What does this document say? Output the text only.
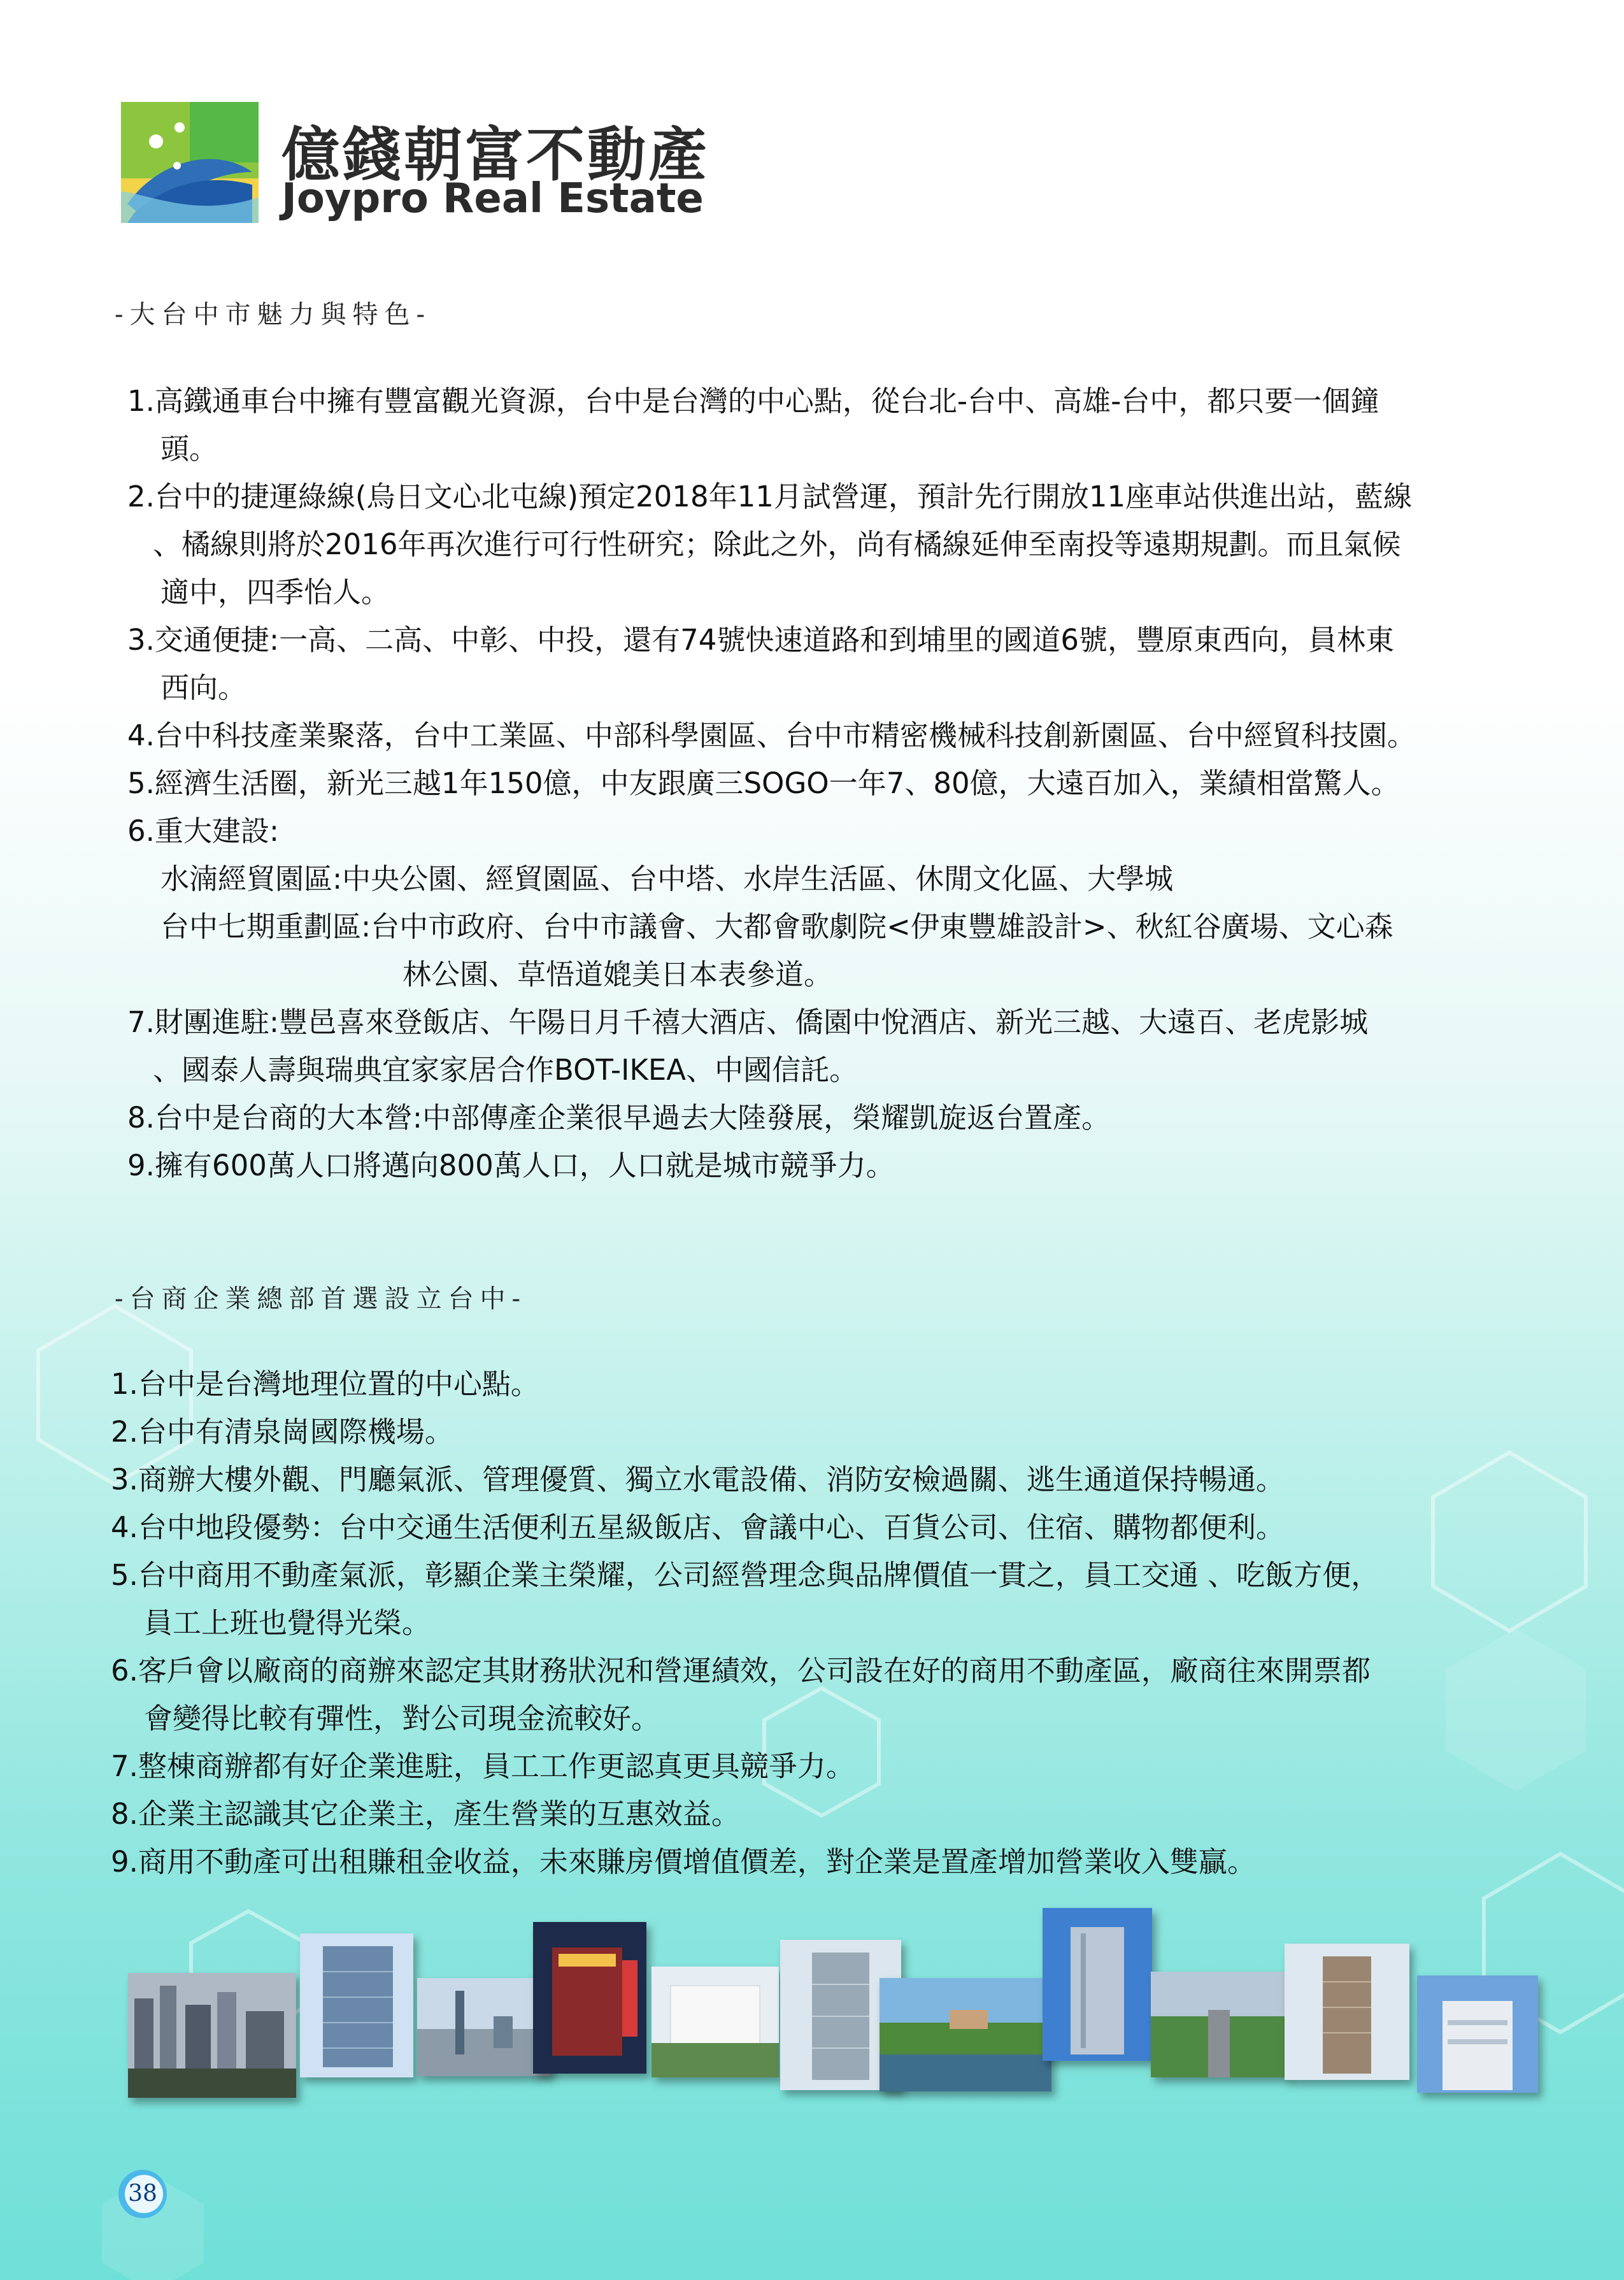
億錢朝富不動產
Joypro Real Estate
-大台中市魅力與特色-
1.高鐵通車台中擁有豐富觀光資源，台中是台灣的中心點，從台北-台中、高雄-台中，都只要一個鐘
頭。
2.台中的捷運綠線(烏日文心北屯線)預定2018年11月試營運，預計先行開放11座車站供進出站，藍線
、橘線則將於2016年再次進行可行性研究；除此之外，尚有橘線延伸至南投等遠期規劃。而且氣候
適中，四季怡人。
3.交通便捷:一高、二高、中彰、中投，還有74號快速道路和到埔里的國道6號，豐原東西向，員林東
西向。
4.台中科技產業聚落，台中工業區、中部科學園區、台中市精密機械科技創新園區、台中經貿科技園。
5.經濟生活圈，新光三越1年150億，中友跟廣三SOGO一年7、80億，大遠百加入，業績相當驚人。
6.重大建設:
水湳經貿園區:中央公園、經貿園區、台中塔、水岸生活區、休閒文化區、大學城
台中七期重劃區:台中市政府、台中市議會、大都會歌劇院<伊東豐雄設計>、秋紅谷廣場、文心森
林公園、草悟道媲美日本表參道。
7.財團進駐:豐邑喜來登飯店、午陽日月千禧大酒店、僑園中悅酒店、新光三越、大遠百、老虎影城
、國泰人壽與瑞典宜家家居合作BOT-IKEA、中國信託。
8.台中是台商的大本營:中部傳產企業很早過去大陸發展，榮耀凱旋返台置產。
9.擁有600萬人口將邁向800萬人口，人口就是城市競爭力。
-台商企業總部首選設立台中-
1.台中是台灣地理位置的中心點。
2.台中有清泉崗國際機場。
3.商辦大樓外觀、門廳氣派、管理優質、獨立水電設備、消防安檢過關、逃生通道保持暢通。
4.台中地段優勢：台中交通生活便利五星級飯店、會議中心、百貨公司、住宿、購物都便利。
5.台中商用不動產氣派，彰顯企業主榮耀，公司經營理念與品牌價值一貫之，員工交通 、吃飯方便，
員工上班也覺得光榮。
6.客戶會以廠商的商辦來認定其財務狀況和營運績效，公司設在好的商用不動產區，廠商往來開票都
會變得比較有彈性，對公司現金流較好。
7.整棟商辦都有好企業進駐，員工工作更認真更具競爭力。
8.企業主認識其它企業主，產生營業的互惠效益。
9.商用不動產可出租賺租金收益，未來賺房價增值價差，對企業是置產增加營業收入雙贏。
38
